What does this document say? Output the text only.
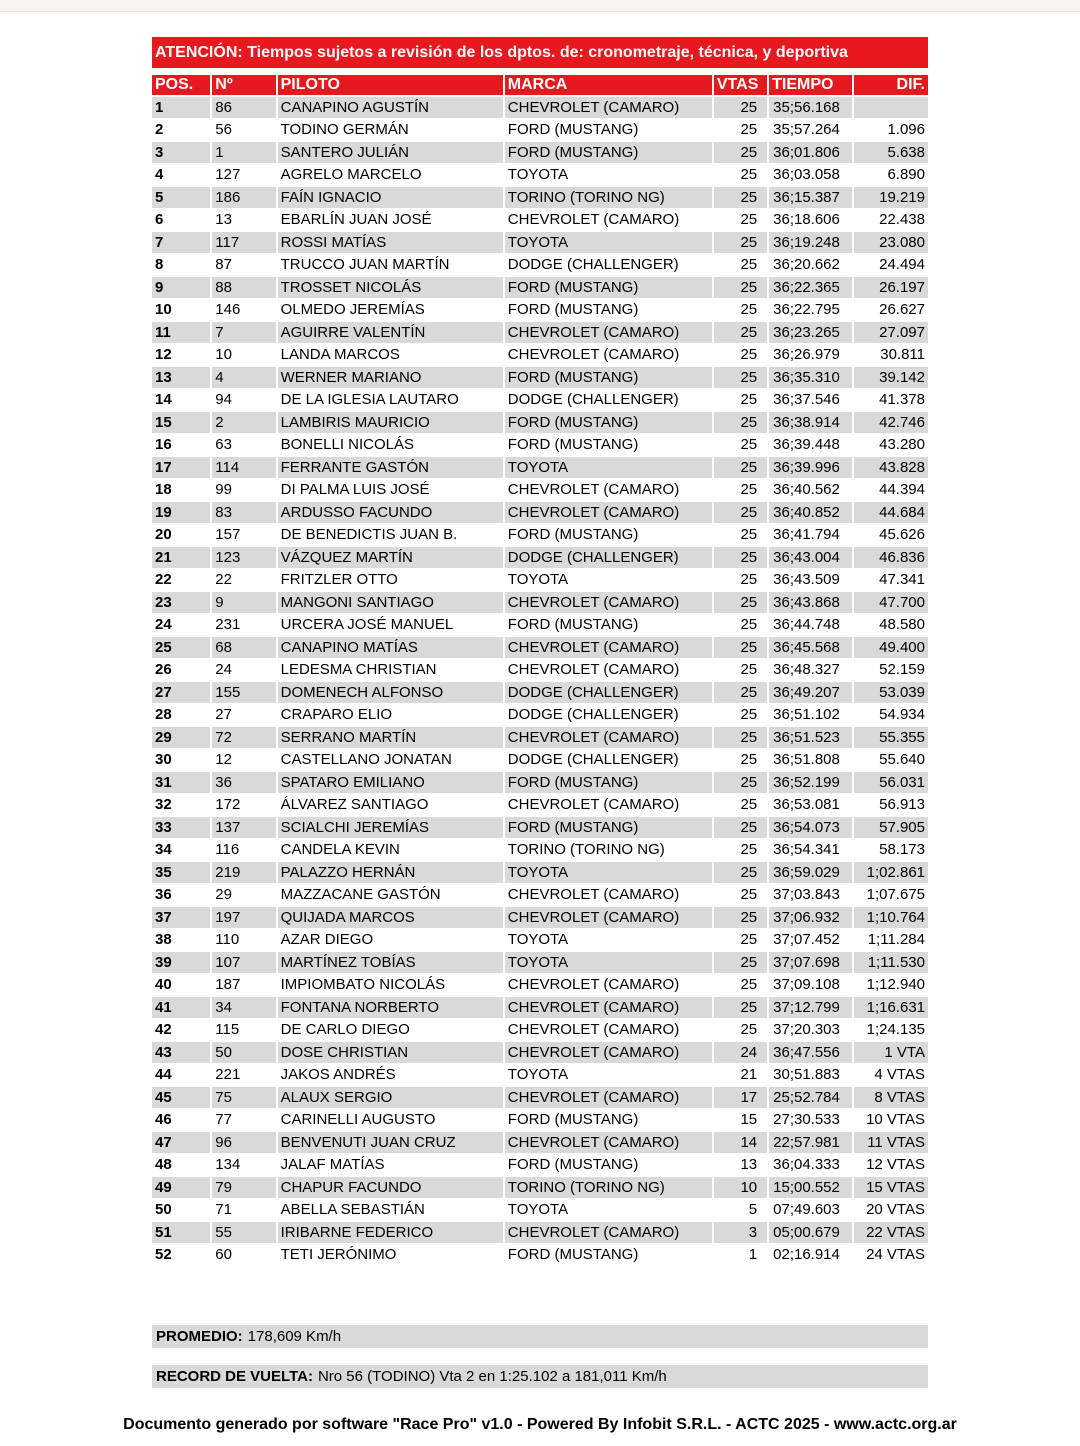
ATENCIÓN: Tiempos sujetos a revisión de los dptos. de: cronometraje, técnica, y deportiva
POS.	Nº	PILOTO	MARCA	VTAS	TIEMPO	DIF.
1	86	CANAPINO AGUSTÍN	CHEVROLET (CAMARO)	25	35;56.168	
2	56	TODINO GERMÁN	FORD (MUSTANG)	25	35;57.264	1.096
3	1	SANTERO JULIÁN	FORD (MUSTANG)	25	36;01.806	5.638
4	127	AGRELO MARCELO	TOYOTA	25	36;03.058	6.890
5	186	FAÍN IGNACIO	TORINO (TORINO NG)	25	36;15.387	19.219
6	13	EBARLÍN JUAN JOSÉ	CHEVROLET (CAMARO)	25	36;18.606	22.438
7	117	ROSSI MATÍAS	TOYOTA	25	36;19.248	23.080
8	87	TRUCCO JUAN MARTÍN	DODGE (CHALLENGER)	25	36;20.662	24.494
9	88	TROSSET NICOLÁS	FORD (MUSTANG)	25	36;22.365	26.197
10	146	OLMEDO JEREMÍAS	FORD (MUSTANG)	25	36;22.795	26.627
11	7	AGUIRRE VALENTÍN	CHEVROLET (CAMARO)	25	36;23.265	27.097
12	10	LANDA MARCOS	CHEVROLET (CAMARO)	25	36;26.979	30.811
13	4	WERNER MARIANO	FORD (MUSTANG)	25	36;35.310	39.142
14	94	DE LA IGLESIA LAUTARO	DODGE (CHALLENGER)	25	36;37.546	41.378
15	2	LAMBIRIS MAURICIO	FORD (MUSTANG)	25	36;38.914	42.746
16	63	BONELLI NICOLÁS	FORD (MUSTANG)	25	36;39.448	43.280
17	114	FERRANTE GASTÓN	TOYOTA	25	36;39.996	43.828
18	99	DI PALMA LUIS JOSÉ	CHEVROLET (CAMARO)	25	36;40.562	44.394
19	83	ARDUSSO FACUNDO	CHEVROLET (CAMARO)	25	36;40.852	44.684
20	157	DE BENEDICTIS JUAN B.	FORD (MUSTANG)	25	36;41.794	45.626
21	123	VÁZQUEZ MARTÍN	DODGE (CHALLENGER)	25	36;43.004	46.836
22	22	FRITZLER OTTO	TOYOTA	25	36;43.509	47.341
23	9	MANGONI SANTIAGO	CHEVROLET (CAMARO)	25	36;43.868	47.700
24	231	URCERA JOSÉ MANUEL	FORD (MUSTANG)	25	36;44.748	48.580
25	68	CANAPINO MATÍAS	CHEVROLET (CAMARO)	25	36;45.568	49.400
26	24	LEDESMA CHRISTIAN	CHEVROLET (CAMARO)	25	36;48.327	52.159
27	155	DOMENECH ALFONSO	DODGE (CHALLENGER)	25	36;49.207	53.039
28	27	CRAPARO ELIO	DODGE (CHALLENGER)	25	36;51.102	54.934
29	72	SERRANO MARTÍN	CHEVROLET (CAMARO)	25	36;51.523	55.355
30	12	CASTELLANO JONATAN	DODGE (CHALLENGER)	25	36;51.808	55.640
31	36	SPATARO EMILIANO	FORD (MUSTANG)	25	36;52.199	56.031
32	172	ÁLVAREZ SANTIAGO	CHEVROLET (CAMARO)	25	36;53.081	56.913
33	137	SCIALCHI JEREMÍAS	FORD (MUSTANG)	25	36;54.073	57.905
34	116	CANDELA KEVIN	TORINO (TORINO NG)	25	36;54.341	58.173
35	219	PALAZZO HERNÁN	TOYOTA	25	36;59.029	1;02.861
36	29	MAZZACANE GASTÓN	CHEVROLET (CAMARO)	25	37;03.843	1;07.675
37	197	QUIJADA MARCOS	CHEVROLET (CAMARO)	25	37;06.932	1;10.764
38	110	AZAR DIEGO	TOYOTA	25	37;07.452	1;11.284
39	107	MARTÍNEZ TOBÍAS	TOYOTA	25	37;07.698	1;11.530
40	187	IMPIOMBATO NICOLÁS	CHEVROLET (CAMARO)	25	37;09.108	1;12.940
41	34	FONTANA NORBERTO	CHEVROLET (CAMARO)	25	37;12.799	1;16.631
42	115	DE CARLO DIEGO	CHEVROLET (CAMARO)	25	37;20.303	1;24.135
43	50	DOSE CHRISTIAN	CHEVROLET (CAMARO)	24	36;47.556	1 VTA
44	221	JAKOS ANDRÉS	TOYOTA	21	30;51.883	4 VTAS
45	75	ALAUX SERGIO	CHEVROLET (CAMARO)	17	25;52.784	8 VTAS
46	77	CARINELLI AUGUSTO	FORD (MUSTANG)	15	27;30.533	10 VTAS
47	96	BENVENUTI JUAN CRUZ	CHEVROLET (CAMARO)	14	22;57.981	11 VTAS
48	134	JALAF MATÍAS	FORD (MUSTANG)	13	36;04.333	12 VTAS
49	79	CHAPUR FACUNDO	TORINO (TORINO NG)	10	15;00.552	15 VTAS
50	71	ABELLA SEBASTIÁN	TOYOTA	5	07;49.603	20 VTAS
51	55	IRIBARNE FEDERICO	CHEVROLET (CAMARO)	3	05;00.679	22 VTAS
52	60	TETI JERÓNIMO	FORD (MUSTANG)	1	02;16.914	24 VTAS
PROMEDIO: 178,609 Km/h
RECORD DE VUELTA: Nro 56 (TODINO) Vta 2 en 1:25.102 a 181,011 Km/h
Documento generado por software "Race Pro" v1.0 - Powered By Infobit S.R.L. - ACTC 2025 - www.actc.org.ar
